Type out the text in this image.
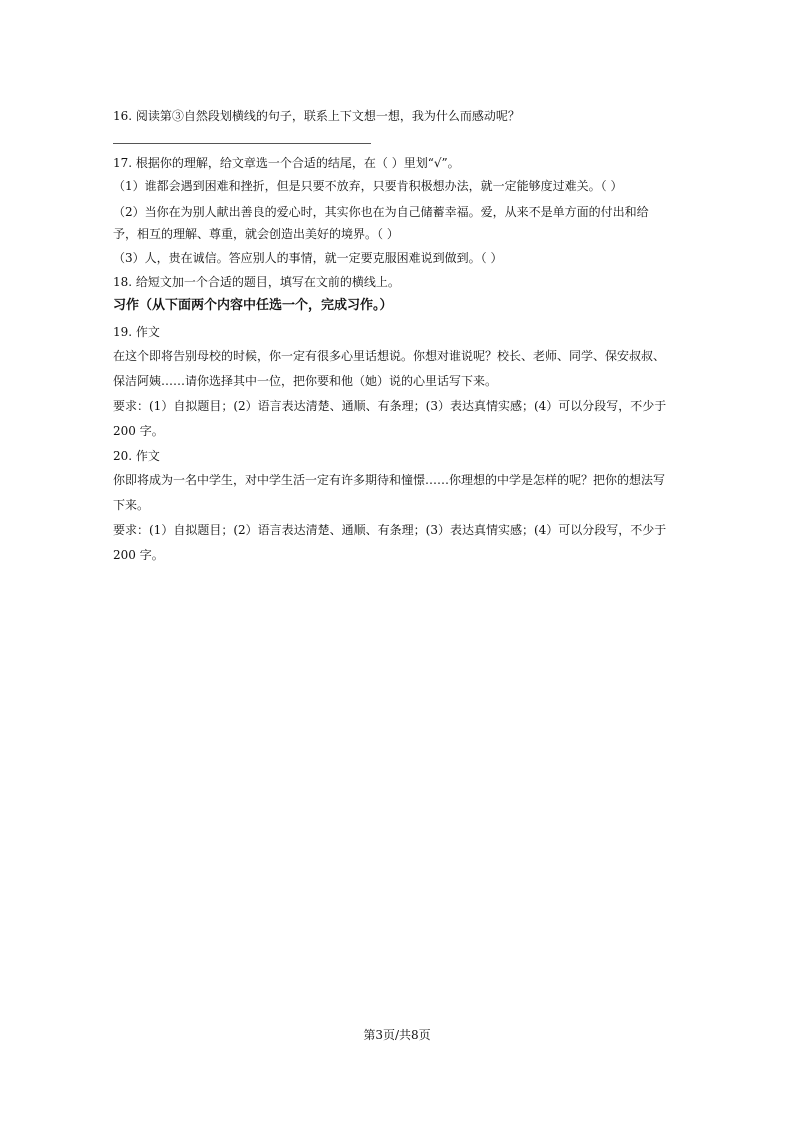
16. 阅读第③自然段划横线的句子，联系上下文想一想，我为什么而感动呢？
17. 根据你的理解，给文章选一个合适的结尾，在（ ）里划“√”。
（1）谁都会遇到困难和挫折，但是只要不放弃，只要肯积极想办法，就一定能够度过难关。（ ）
（2）当你在为别人献出善良的爱心时，其实你也在为自己储蓄幸福。爱，从来不是单方面的付出和给
予，相互的理解、尊重，就会创造出美好的境界。（ ）
（3）人，贵在诚信。答应别人的事情，就一定要克服困难说到做到。（ ）
18. 给短文加一个合适的题目，填写在文前的横线上。
习作（从下面两个内容中任选一个，完成习作。）
19. 作文
在这个即将告别母校的时候，你一定有很多心里话想说。你想对谁说呢？校长、老师、同学、保安叔叔、
保洁阿姨……请你选择其中一位，把你要和他（她）说的心里话写下来。
要求：(1）自拟题目；(2）语言表达清楚、通顺、有条理；(3）表达真情实感；(4）可以分段写，不少于
200 字。
20. 作文
你即将成为一名中学生，对中学生活一定有许多期待和憧憬……你理想的中学是怎样的呢？把你的想法写
下来。
要求：(1）自拟题目；(2）语言表达清楚、通顺、有条理；(3）表达真情实感；(4）可以分段写，不少于
200 字。
第3页/共8页
